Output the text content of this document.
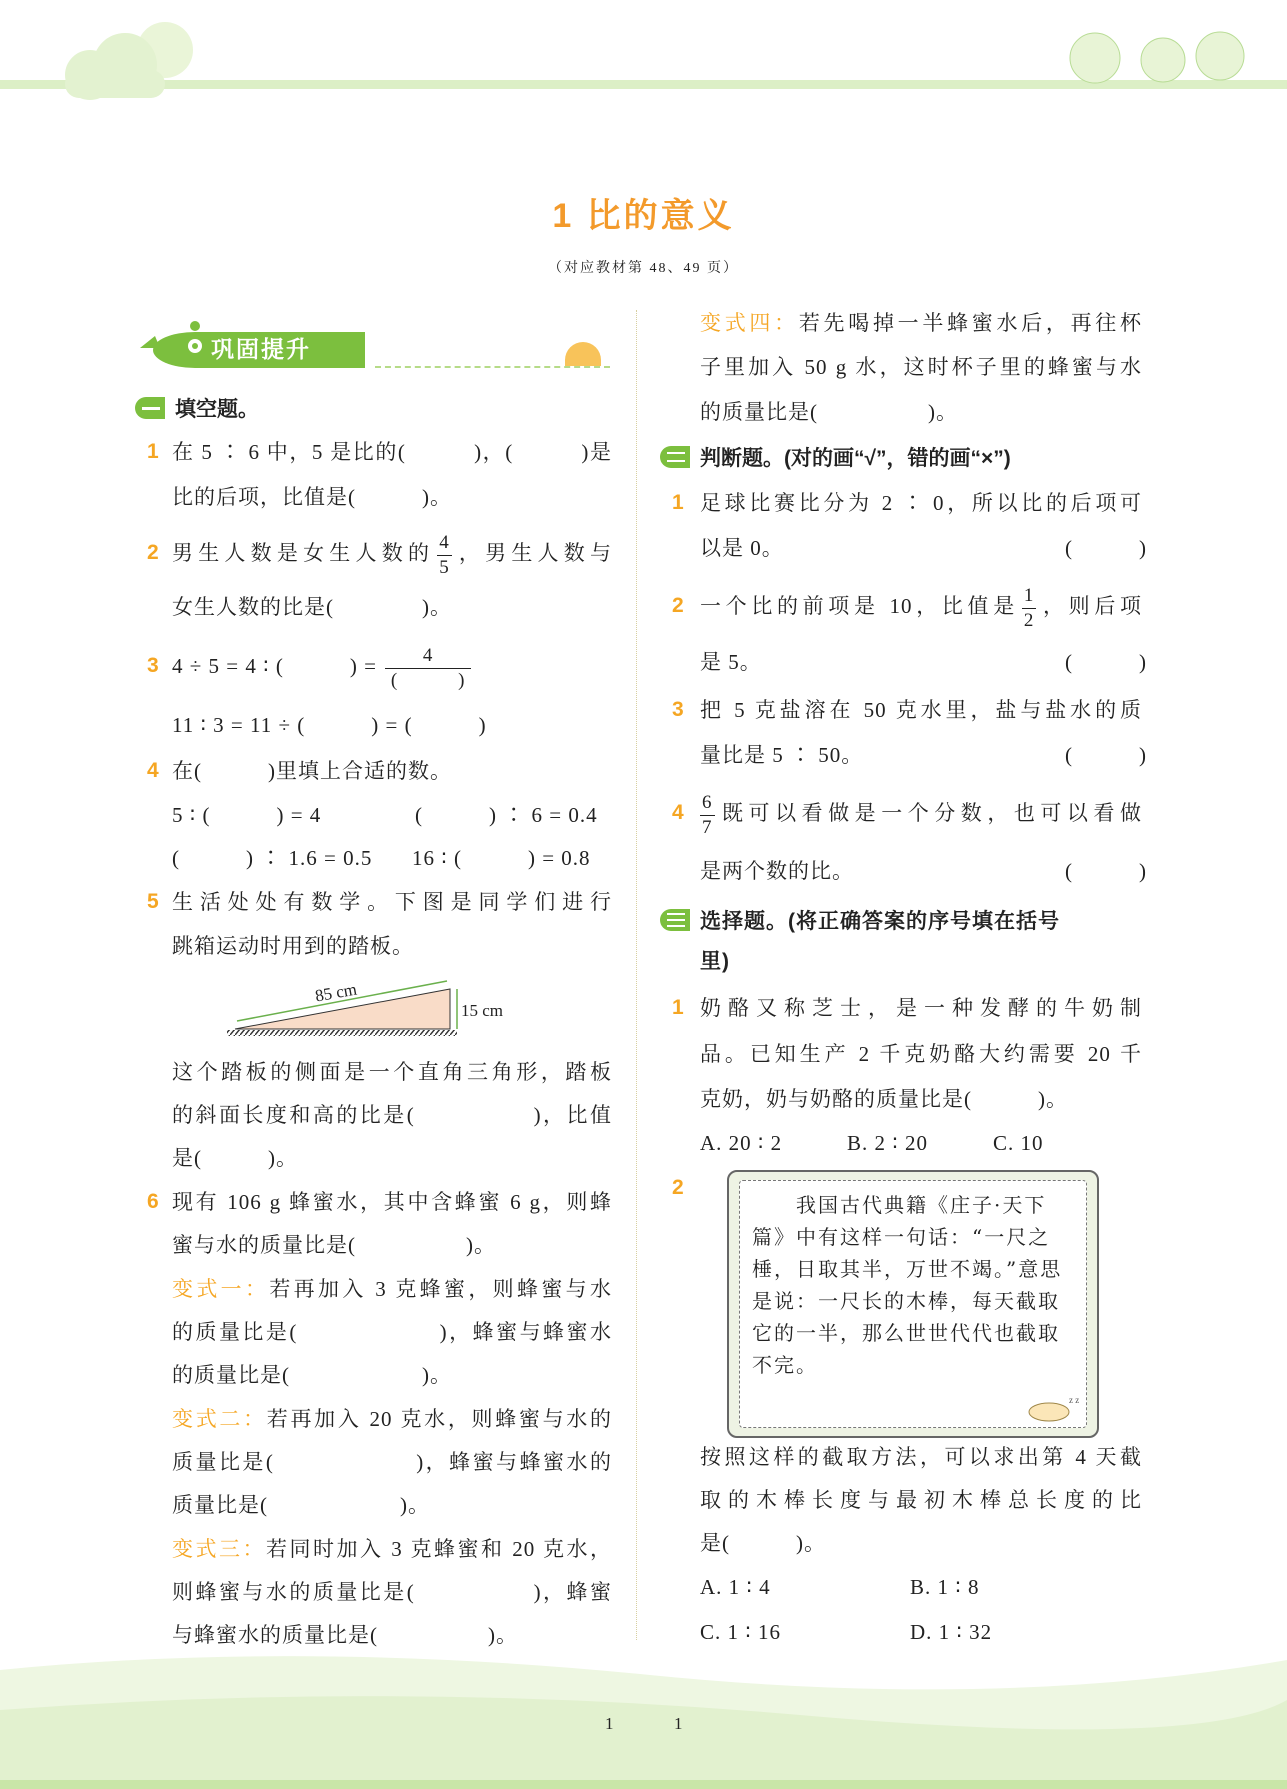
1 比的意义
（对应教材第 48、49 页）
巩固提升
填空题。
1 在 5 ∶ 6 中，5 是比的(　　　)，(　　　)是
比的后项，比值是(　　　)。
2 男生人数是女生人数的 $\frac{4}{5}$ ，男生人数与
女生人数的比是(　　　　)。
3 4 ÷ 5 = 4 ∶ (　　　) = $\frac{4}{( )}$
11 ∶ 3 = 11 ÷ (　　　) = (　　　)
4 在(　　　)里填上合适的数。
5 ∶ (　　　) = 4	(　　　) ∶ 6 = 0.4
(　　　) ∶ 1.6 = 0.5 16 ∶ (　　　) = 0.8
5 生活处处有数学。下图是同学们进行
跳箱运动时用到的踏板。
85 cm
15 cm
这个踏板的侧面是一个直角三角形，踏板
的斜面长度和高的比是(　　　　　)，比值
是(　　　)。
6 现有 106 g 蜂蜜水，其中含蜂蜜 6 g，则蜂
蜜与水的质量比是(　　　　　)。
变式一：若再加入 3 克蜂蜜，则蜂蜜与水
的质量比是(　　　　　　)，蜂蜜与蜂蜜水
的质量比是(　　　　　　)。
变式二：若再加入 20 克水，则蜂蜜与水的
质量比是(　　　　　　)，蜂蜜与蜂蜜水的
质量比是(　　　　　　)。
变式三：若同时加入 3 克蜂蜜和 20 克水，
则蜂蜜与水的质量比是(　　　　　)，蜂蜜
与蜂蜜水的质量比是(　　　　　)。
变式四：若先喝掉一半蜂蜜水后，再往杯
子里加入 50 g 水，这时杯子里的蜂蜜与水
的质量比是(　　　　　)。
判断题。(对的画“√”，错的画“×”)
1 足球比赛比分为 2 ∶ 0，所以比的后项可
以是 0。	(　　　)
2 一个比的前项是 10，比值是 $\frac{1}{2}$ ，则后项
是 5。	(　　　)
3 把 5 克盐溶在 50 克水里，盐与盐水的质
量比是 5 ∶ 50。	(　　　)
$4 \frac{6}{7}$ 既可以看做是一个分数，也可以看做
是两个数的比。	(　　　)
选择题。(将正确答案的序号填在括号
里)
1 奶酪又称芝士，是一种发酵的牛奶制
品。已知生产 2 千克奶酪大约需要 20 千
克奶，奶与奶酪的质量比是(　　　)。
A. 20 ∶ 2	B. 2 ∶ 20	C. 10
2
　　我国古代典籍《庄子·天下篇》中有这样一句话：“一尺之棰，日取其半，万世不竭。”意思是说：一尺长的木棒，每天截取它的一半，那么世世代代也截取不完。
z z
按照这样的截取方法，可以求出第 4 天截
取的木棒长度与最初木棒总长度的比
是(　　　)。
A. 1 ∶ 4	B. 1 ∶ 8
C. 1 ∶ 16	D. 1 ∶ 32
1	1
